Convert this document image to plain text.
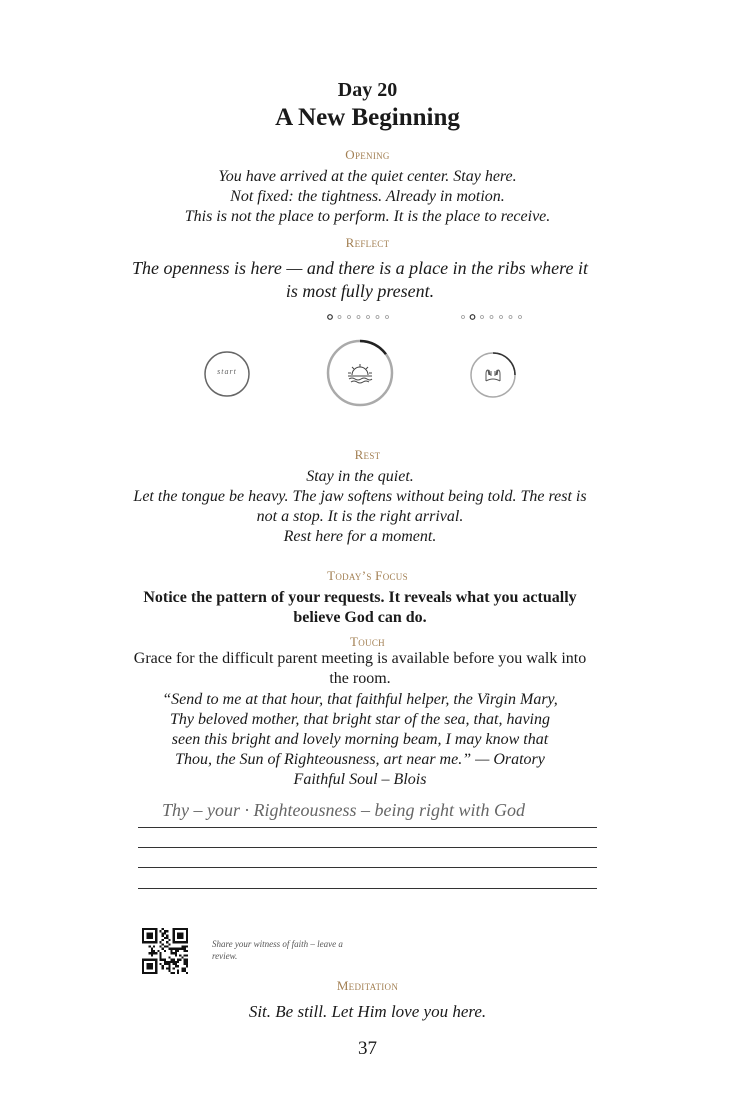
Day 20
A New Beginning
Opening
You have arrived at the quiet center. Stay here.
Not fixed: the tightness. Already in motion.
This is not the place to perform. It is the place to receive.
Reflect
The openness is here — and there is a place in the ribs where it is most fully present.
start
Rest
Stay in the quiet.
Let the tongue be heavy. The jaw softens without being told. The rest is not a stop. It is the right arrival.
Rest here for a moment.
Today’s Focus
Notice the pattern of your requests. It reveals what you actually believe God can do.
Touch
Grace for the difficult parent meeting is available before you walk into the room.
“Send to me at that hour, that faithful helper, the Virgin Mary, Thy beloved mother, that bright star of the sea, that, having seen this bright and lovely morning beam, I may know that Thou, the Sun of Righteousness, art near me.” — Oratory Faithful Soul – Blois
Thy – your · Righteousness – being right with God
Share your witness of faith – leave a review.
Meditation
Sit. Be still. Let Him love you here.
37
